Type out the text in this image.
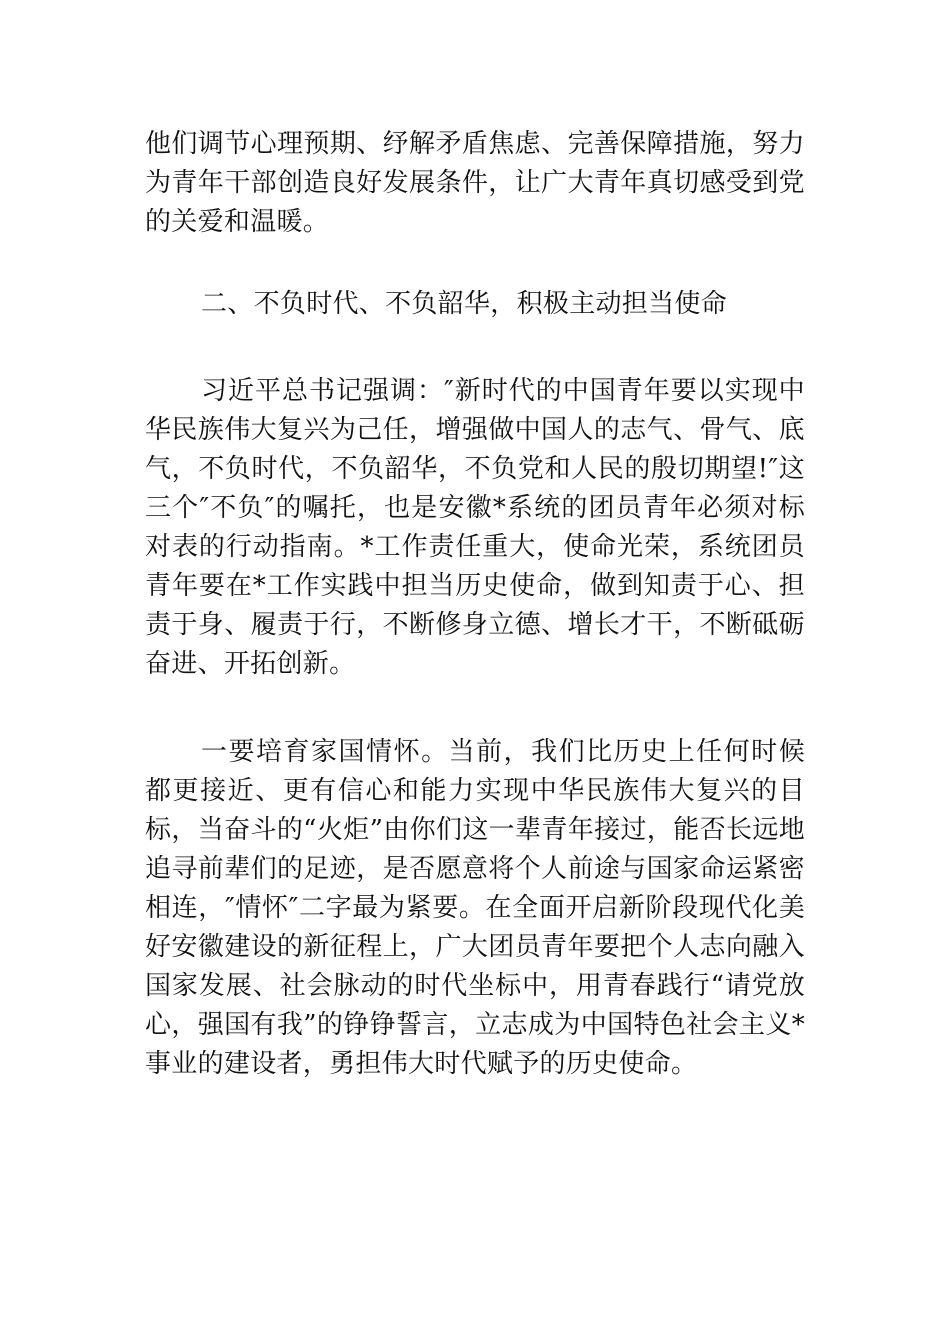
他们调节心理预期、纾解矛盾焦虑、完善保障措施，努力为青年干部创造良好发展条件，让广大青年真切感受到党的关爱和温暖。

二、不负时代、不负韶华，积极主动担当使命

习近平总书记强调：″新时代的中国青年要以实现中华民族伟大复兴为己任，增强做中国人的志气、骨气、底气，不负时代，不负韶华，不负党和人民的殷切期望!″这三个″不负″的嘱托，也是安徽*系统的团员青年必须对标对表的行动指南。*工作责任重大，使命光荣，系统团员青年要在*工作实践中担当历史使命，做到知责于心、担责于身、履责于行，不断修身立德、增长才干，不断砥砺奋进、开拓创新。

一要培育家国情怀。当前，我们比历史上任何时候都更接近、更有信心和能力实现中华民族伟大复兴的目标，当奋斗的“火炬”由你们这一辈青年接过，能否长远地追寻前辈们的足迹，是否愿意将个人前途与国家命运紧密相连，″情怀″二字最为紧要。在全面开启新阶段现代化美好安徽建设的新征程上，广大团员青年要把个人志向融入国家发展、社会脉动的时代坐标中，用青春践行“请党放心，强国有我”的铮铮誓言，立志成为中国特色社会主义*事业的建设者，勇担伟大时代赋予的历史使命。
